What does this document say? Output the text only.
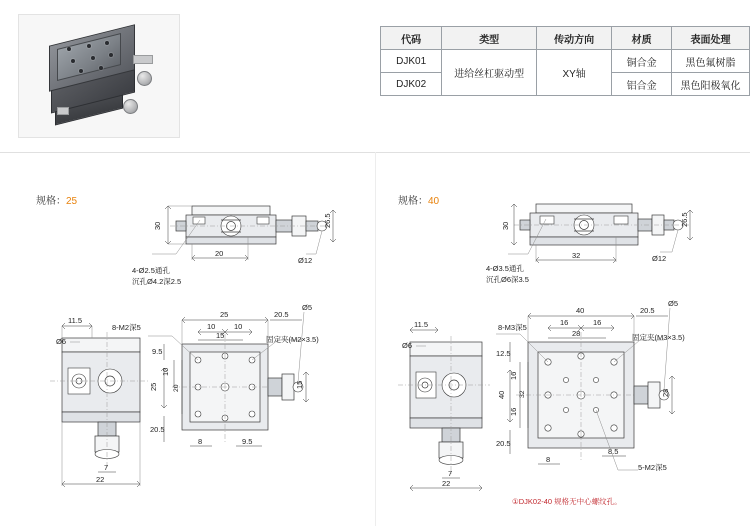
代码	类型	传动方向	材质	表面处理
DJK01	进给丝杠驱动型	XY轴	铜合金	黑色氟树脂
DJK02			铝合金	黑色阳极氧化
规格：25
30
20
26.5
Ø12
4-Ø2.5通孔
沉孔Ø4.2深2.5
11.5
Ø6
7
22
25	20.5
10 10
15
9.5
25
10
20
20.5
15
8	9.5
Ø5
8-M2深5
固定夹(M2×3.5)
规格：40
30
32
26.5
Ø12
4-Ø3.5通孔
沉孔Ø6深3.5
11.5
Ø6
7
22
40	20.5
16	16
28
12.5
40
20.5
16
32
16
28
8
8.5
Ø5
8-M3深5
固定夹(M3×3.5)
5-M2深5
①DJK02-40 规格无中心螺纹孔。
